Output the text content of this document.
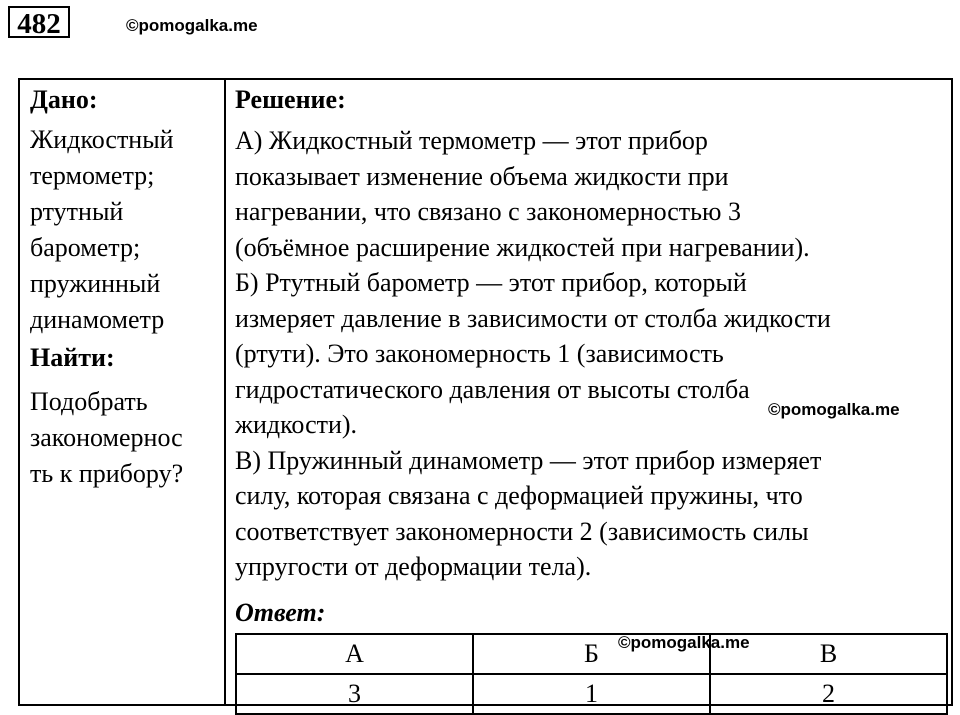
482	©pomogalka.me
Дано:
Жидкостный
термометр;
ртутный
барометр;
пружинный
динамометр
Найти:
Подобрать
закономернос
ть к прибору?
Решение:
А) Жидкостный термометр — этот прибор
показывает изменение объема жидкости при
нагревании, что связано с закономерностью 3
(объёмное расширение жидкостей при нагревании).
Б) Ртутный барометр — этот прибор, который
измеряет давление в зависимости от столба жидкости
(ртути). Это закономерность 1 (зависимость
гидростатического давления от высоты столба
жидкости).
В) Пружинный динамометр — этот прибор измеряет
силу, которая связана с деформацией пружины, что
соответствует закономерности 2 (зависимость силы
упругости от деформации тела).
Ответ:
А	Б	В
3	1	2
©pomogalka.me
©pomogalka.me
